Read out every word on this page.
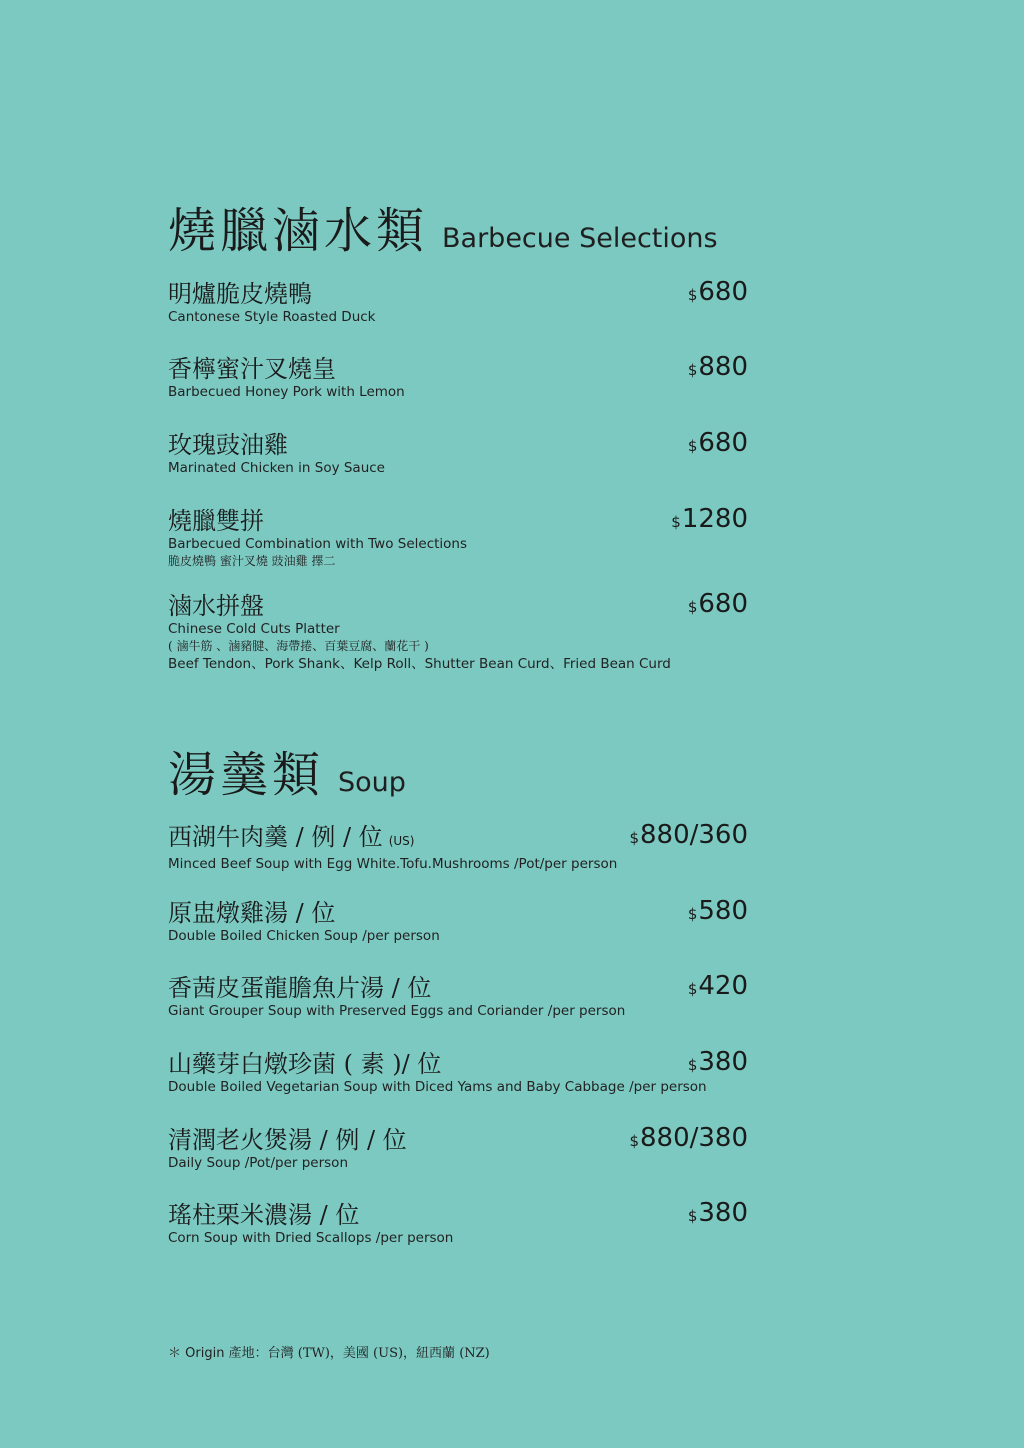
燒臘滷水類 Barbecue Selections
明爐脆皮燒鴨
Cantonese Style Roasted Duck
$680
香檸蜜汁叉燒皇
Barbecued Honey Pork with Lemon
$880
玫瑰豉油雞
Marinated Chicken in Soy Sauce
$680
燒臘雙拼
Barbecued Combination with Two Selections
脆皮燒鴨 蜜汁叉燒 豉油雞 擇二
$1280
滷水拼盤
Chinese Cold Cuts Platter
( 滷牛筋 、滷豬腱、海帶捲、百葉豆腐、蘭花干 )
Beef Tendon、Pork Shank、Kelp Roll、Shutter Bean Curd、Fried Bean Curd
$680
湯羹類 Soup
西湖牛肉羹 / 例 / 位 (US)
Minced Beef Soup with Egg White.Tofu.Mushrooms /Pot/per person
$880/360
原盅燉雞湯 / 位
Double Boiled Chicken Soup /per person
$580
香茜皮蛋龍膽魚片湯 / 位
Giant Grouper Soup with Preserved Eggs and Coriander /per person
$420
山藥芽白燉珍菌 ( 素 )/ 位
Double Boiled Vegetarian Soup with Diced Yams and Baby Cabbage /per person
$380
清潤老火煲湯 / 例 / 位
Daily Soup /Pot/per person
$880/380
瑤柱栗米濃湯 / 位
Corn Soup with Dried Scallops /per person
$380
＊ Origin 產地：台灣 (TW)，美國 (US)，紐西蘭 (NZ)
